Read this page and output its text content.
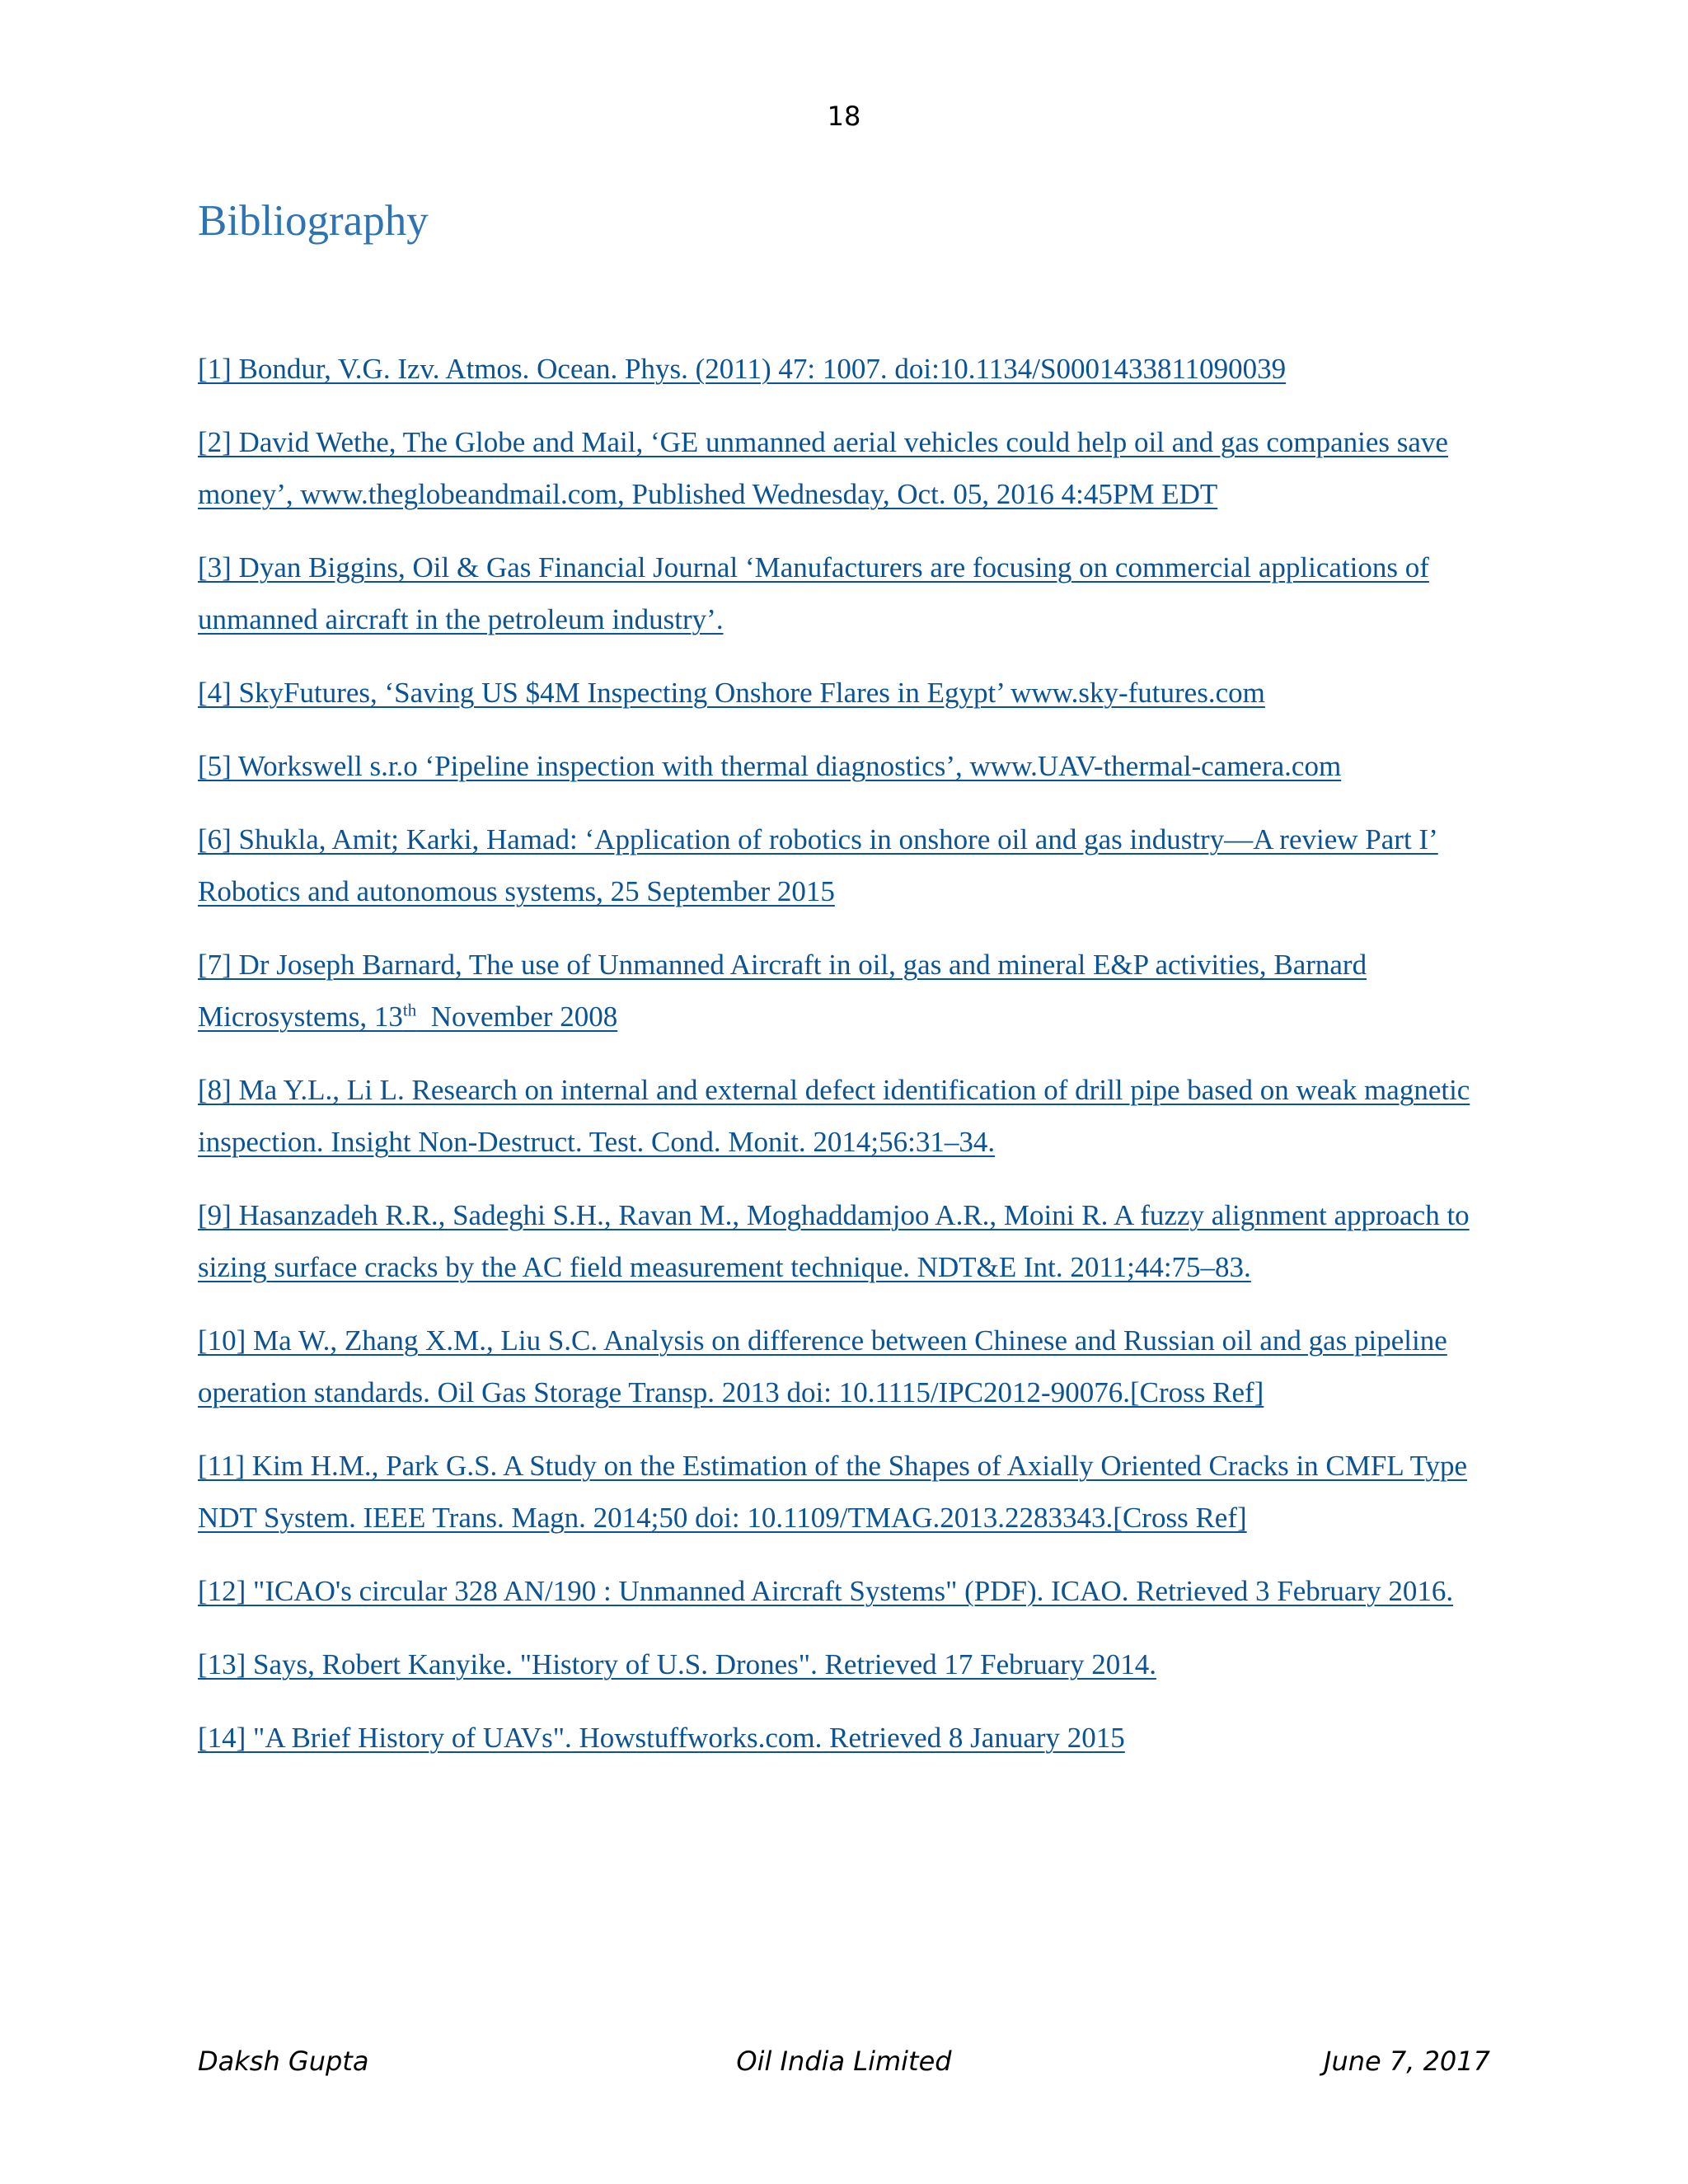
18
Bibliography
[1] Bondur, V.G. Izv. Atmos. Ocean. Phys. (2011) 47: 1007. doi:10.1134/S0001433811090039
[2] David Wethe, The Globe and Mail, ‘GE unmanned aerial vehicles could help oil and gas companies save money’, www.theglobeandmail.com, Published Wednesday, Oct. 05, 2016 4:45PM EDT
[3] Dyan Biggins, Oil & Gas Financial Journal ‘Manufacturers are focusing on commercial applications of unmanned aircraft in the petroleum industry’.
[4] SkyFutures, ‘Saving US $4M Inspecting Onshore Flares in Egypt’ www.sky-futures.com
[5] Workswell s.r.o ‘Pipeline inspection with thermal diagnostics’, www.UAV-thermal-camera.com
[6] Shukla, Amit; Karki, Hamad: ‘Application of robotics in onshore oil and gas industry—A review Part I’ Robotics and autonomous systems, 25 September 2015
[7] Dr Joseph Barnard, The use of Unmanned Aircraft in oil, gas and mineral E&P activities, Barnard Microsystems, 13th  November 2008
[8] Ma Y.L., Li L. Research on internal and external defect identification of drill pipe based on weak magnetic inspection. Insight Non-Destruct. Test. Cond. Monit. 2014;56:31–34.
[9] Hasanzadeh R.R., Sadeghi S.H., Ravan M., Moghaddamjoo A.R., Moini R. A fuzzy alignment approach to sizing surface cracks by the AC field measurement technique. NDT&E Int. 2011;44:75–83.
[10] Ma W., Zhang X.M., Liu S.C. Analysis on difference between Chinese and Russian oil and gas pipeline operation standards. Oil Gas Storage Transp. 2013 doi: 10.1115/IPC2012-90076.[Cross Ref]
[11] Kim H.M., Park G.S. A Study on the Estimation of the Shapes of Axially Oriented Cracks in CMFL Type NDT System. IEEE Trans. Magn. 2014;50 doi: 10.1109/TMAG.2013.2283343.[Cross Ref]
[12] "ICAO's circular 328 AN/190 : Unmanned Aircraft Systems" (PDF). ICAO. Retrieved 3 February 2016.
[13] Says, Robert Kanyike. "History of U.S. Drones". Retrieved 17 February 2014.
[14] "A Brief History of UAVs". Howstuffworks.com. Retrieved 8 January 2015
Daksh Gupta	Oil India Limited	June 7, 2017
